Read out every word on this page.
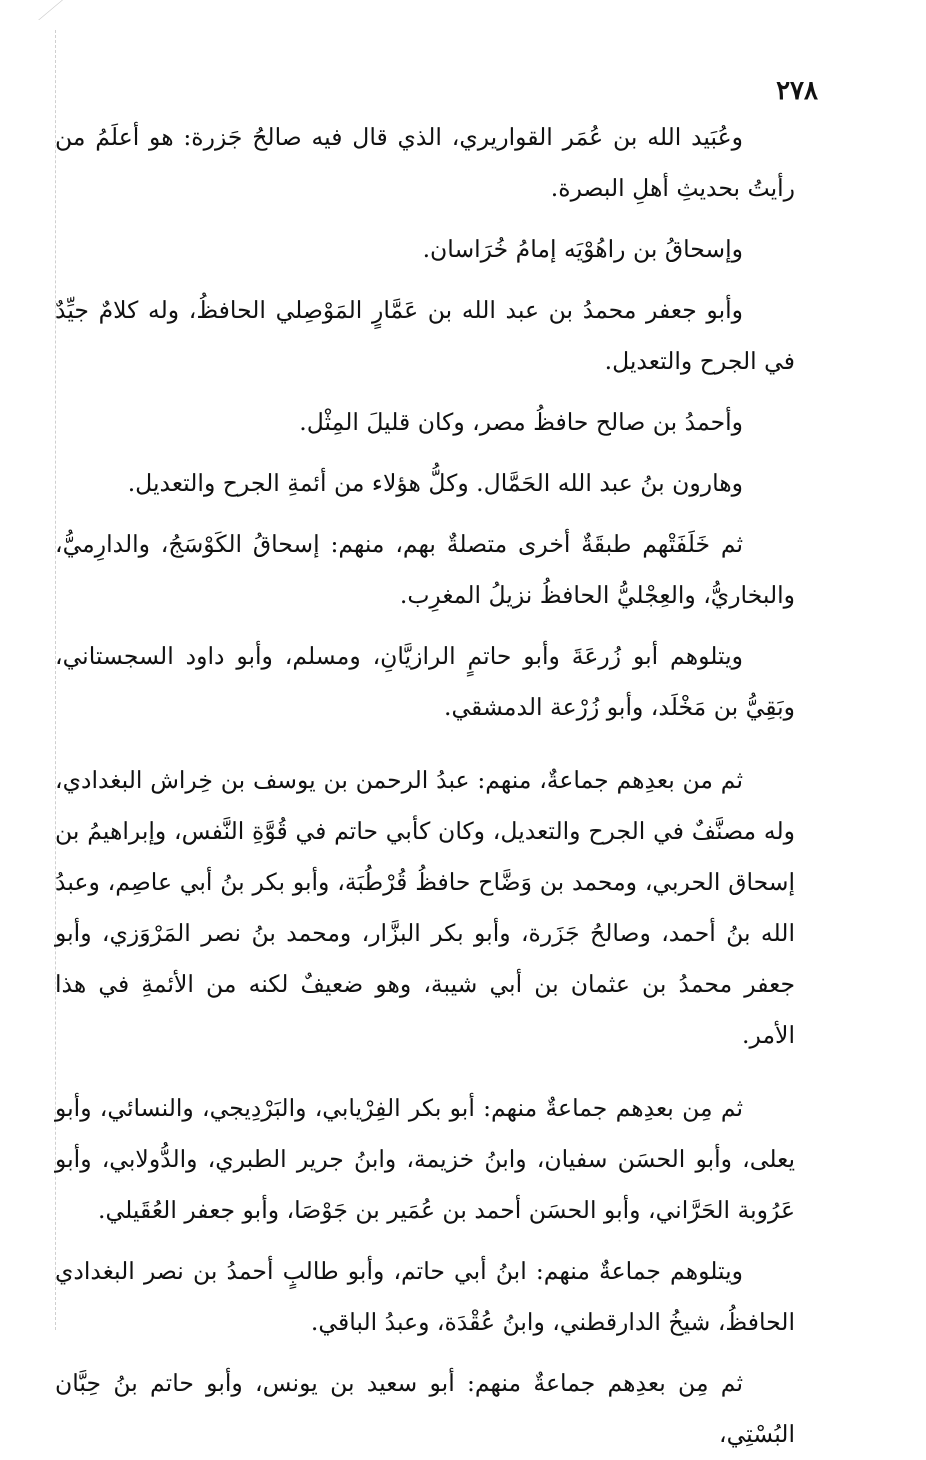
٢٧٨

وعُبَيد الله بن عُمَر القواريري، الذي قال فيه صالحُ جَزرة: هو أعلَمُ من رأيتُ بحديثِ أهلِ البصرة.

وإسحاقُ بن راهُوْيَه إمامُ خُرَاسان.

وأبو جعفر محمدُ بن عبد الله بن عَمَّارٍ المَوْصِلي الحافظُ، وله كلامٌ جيِّدٌ في الجرح والتعديل.

وأحمدُ بن صالح حافظُ مصر، وكان قليلَ المِثْل.

وهارون بنُ عبد الله الحَمَّال. وكلُّ هؤلاء من أئمةِ الجرح والتعديل.

ثم خَلَفَتْهم طبقَةٌ أخرى متصلةٌ بهم، منهم: إسحاقُ الكَوْسَجُ، والدارِميُّ، والبخاريُّ، والعِجْليُّ الحافظُ نزيلُ المغرِب.

ويتلوهم أبو زُرعَةَ وأبو حاتمٍ الرازيَّانِ، ومسلم، وأبو داود السجستاني، وبَقِيُّ بن مَخْلَد، وأبو زُرْعة الدمشقي.

ثم من بعدِهم جماعةٌ، منهم: عبدُ الرحمن بن يوسف بن خِراش البغدادي، وله مصنَّفٌ في الجرح والتعديل، وكان كأبي حاتم في قُوَّةِ النَّفس، وإبراهيمُ بن إسحاق الحربي، ومحمد بن وَضَّاح حافظُ قُرْطُبَة، وأبو بكر بنُ أبي عاصِم، وعبدُ الله بنُ أحمد، وصالحُ جَزَرة، وأبو بكر البزَّار، ومحمد بنُ نصر المَرْوَزي، وأبو جعفر محمدُ بن عثمان بن أبي شيبة، وهو ضعيفٌ لكنه من الأئمةِ في هذا الأمر.

ثم مِن بعدِهم جماعةٌ منهم: أبو بكر الفِرْيابي، والبَرْدِيجي، والنسائي، وأبو يعلى، وأبو الحسَن سفيان، وابنُ خزيمة، وابنُ جرير الطبري، والدُّولابي، وأبو عَرُوبة الحَرَّاني، وأبو الحسَن أحمد بن عُمَير بن جَوْصَا، وأبو جعفر العُقَيلي.

ويتلوهم جماعةٌ منهم: ابنُ أبي حاتم، وأبو طالبٍ أحمدُ بن نصر البغدادي الحافظُ، شيخُ الدارقطني، وابنُ عُقْدَة، وعبدُ الباقي.

ثم مِن بعدِهم جماعةٌ منهم: أبو سعيد بن يونس، وأبو حاتم بنُ حِبَّان البُسْتِي،
